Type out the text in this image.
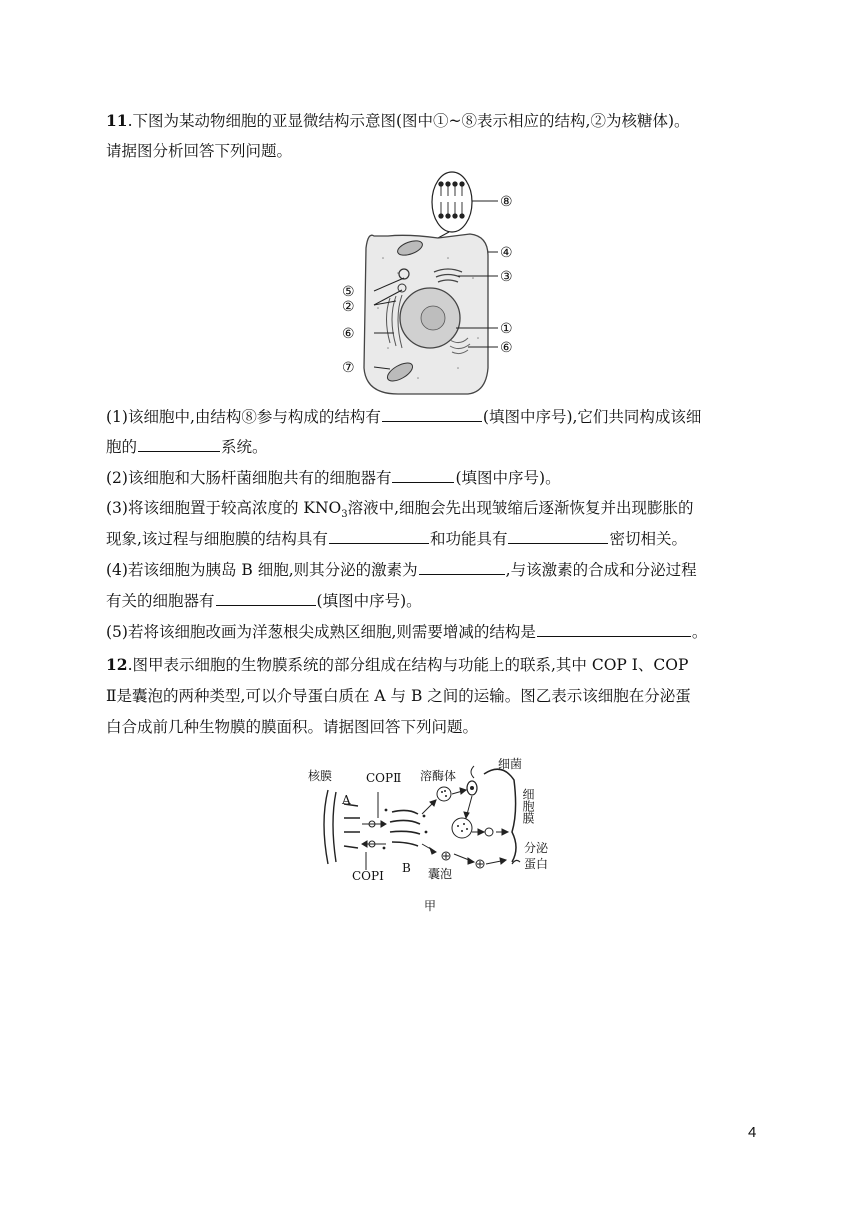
11.下图为某动物细胞的亚显微结构示意图(图中①~⑧表示相应的结构,②为核糖体)。
请据图分析回答下列问题。
⑧
④
③
⑤
②
⑥	①
⑥
⑦
(1)该细胞中,由结构⑧参与构成的结构有	(填图中序号),它们共同构成该细
胞的	系统。
(2)该细胞和大肠杆菌细胞共有的细胞器有	(填图中序号)。
(3)将该细胞置于较高浓度的 $KNO_3$溶液中,细胞会先出现皱缩后逐渐恢复并出现膨胀的
现象,该过程与细胞膜的结构具有	和功能具有	密切相关。
(4)若该细胞为胰岛 B 细胞,则其分泌的激素为	,与该激素的合成和分泌过程
有关的细胞器有	(填图中序号)。
(5)若将该细胞改画为洋葱根尖成熟区细胞,则需要增减的结构是	。
12.图甲表示细胞的生物膜系统的部分组成在结构与功能上的联系,其中 COP Ⅰ、COP
Ⅱ是囊泡的两种类型,可以介导蛋白质在 A 与 B 之间的运输。图乙表示该细胞在分泌蛋
白合成前几种生物膜的膜面积。请据图回答下列问题。
核膜	COPⅡ 溶酶体
细菌
A
B
COPⅠ	囊泡
分泌
蛋白
甲
细胞膜
4
